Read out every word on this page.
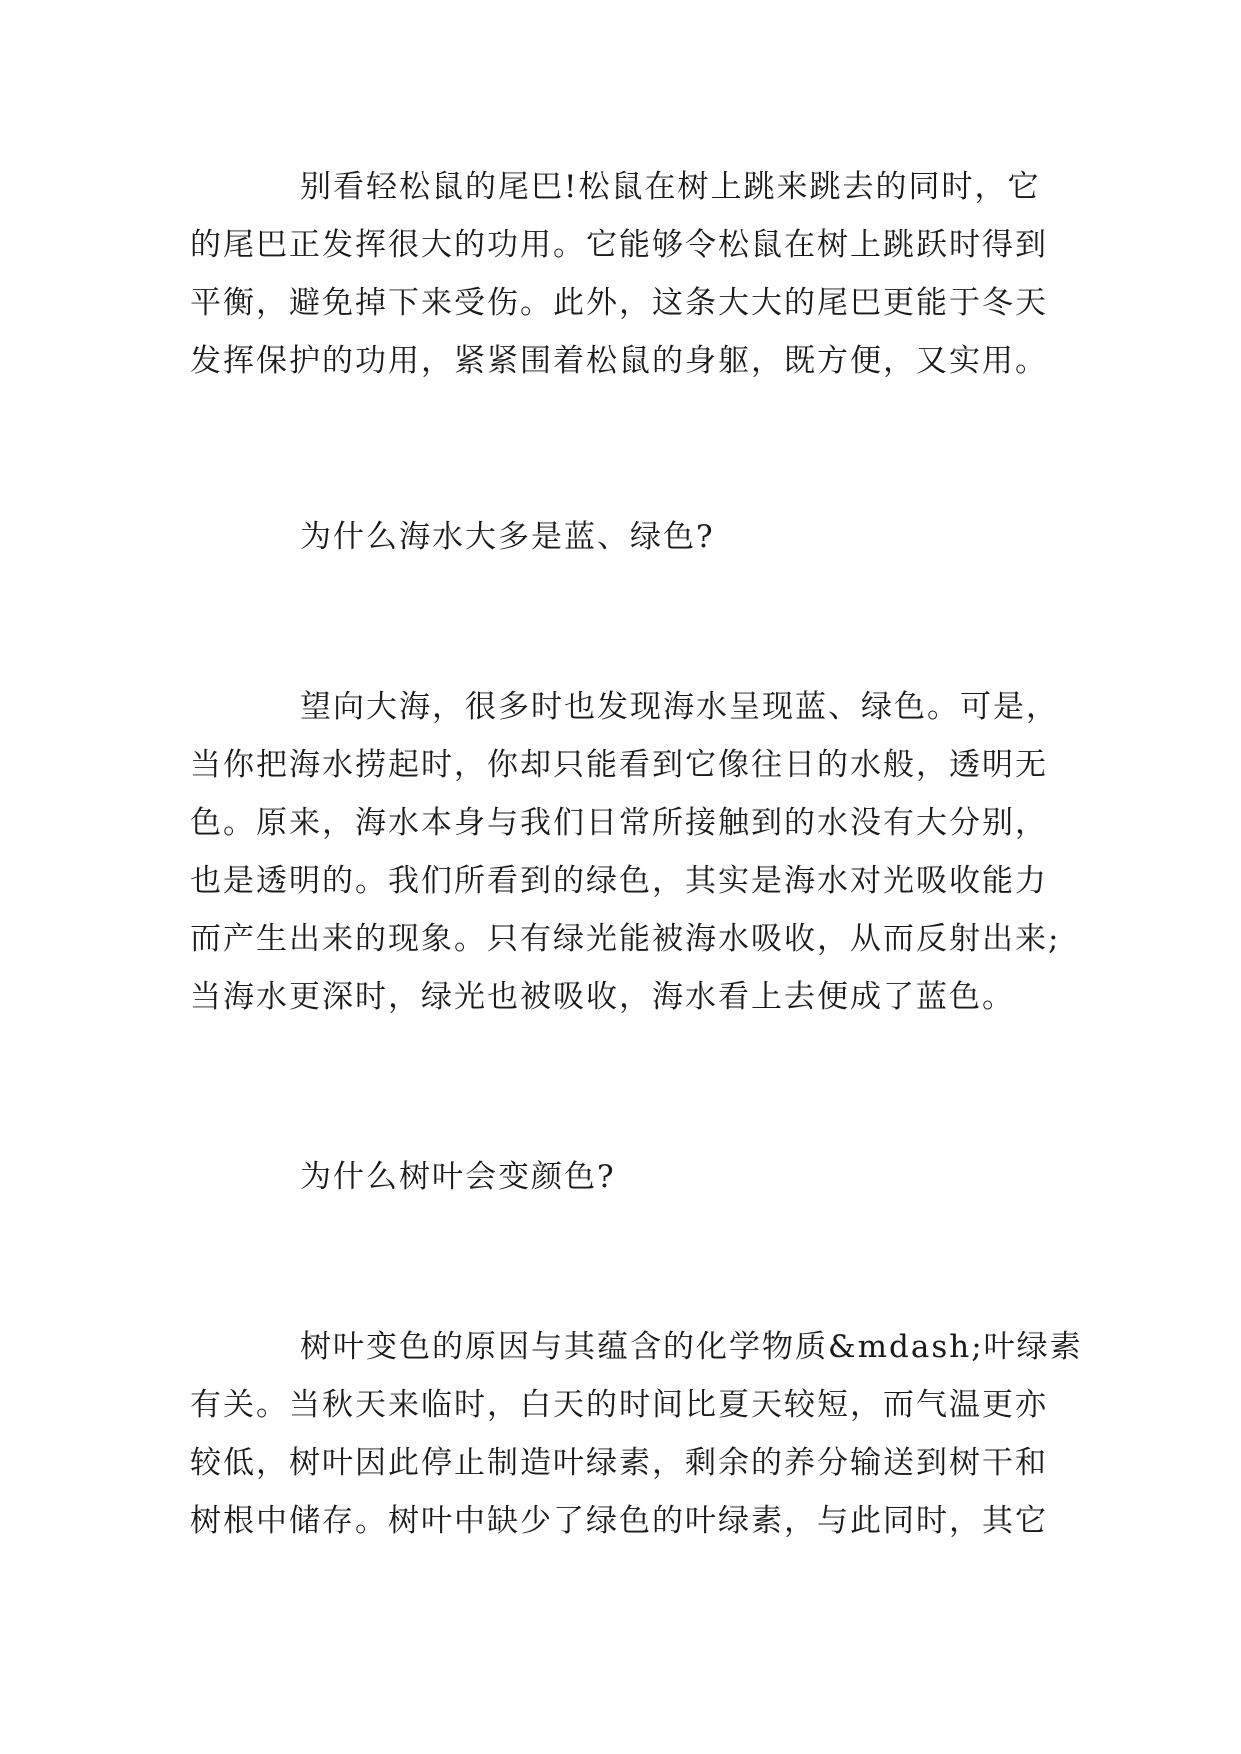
别看轻松鼠的尾巴!松鼠在树上跳来跳去的同时，它
的尾巴正发挥很大的功用。它能够令松鼠在树上跳跃时得到
平衡，避免掉下来受伤。此外，这条大大的尾巴更能于冬天
发挥保护的功用，紧紧围着松鼠的身躯，既方便，又实用。

为什么海水大多是蓝、绿色?

望向大海，很多时也发现海水呈现蓝、绿色。可是，
当你把海水捞起时，你却只能看到它像往日的水般，透明无
色。原来，海水本身与我们日常所接触到的水没有大分别，
也是透明的。我们所看到的绿色，其实是海水对光吸收能力
而产生出来的现象。只有绿光能被海水吸收，从而反射出来;
当海水更深时，绿光也被吸收，海水看上去便成了蓝色。

为什么树叶会变颜色?

树叶变色的原因与其蕴含的化学物质&mdash;叶绿素
有关。当秋天来临时，白天的时间比夏天较短，而气温更亦
较低，树叶因此停止制造叶绿素，剩余的养分输送到树干和
树根中储存。树叶中缺少了绿色的叶绿素，与此同时，其它
